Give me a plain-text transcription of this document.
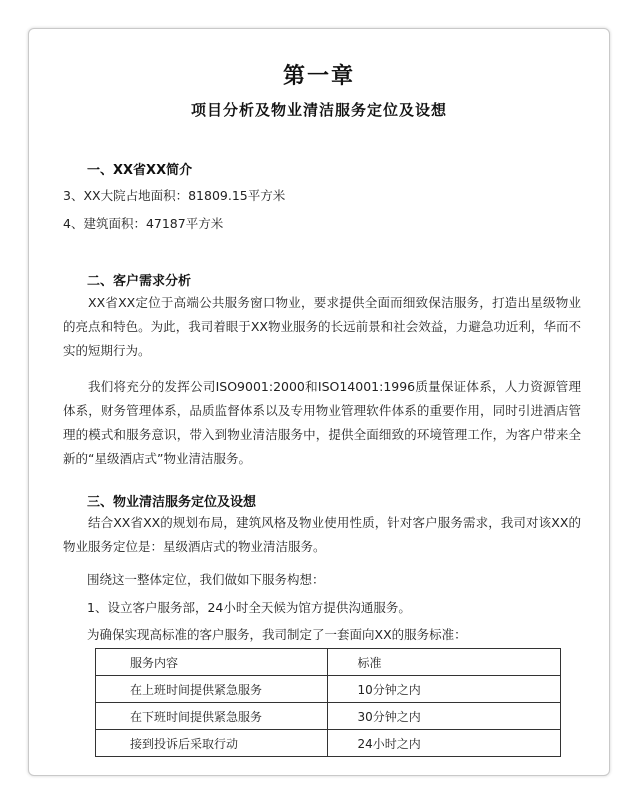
第一章
项目分析及物业清洁服务定位及设想
一、XX省XX简介
3、XX大院占地面积：81809.15平方米
4、建筑面积：47187平方米
二、客户需求分析
XX省XX定位于高端公共服务窗口物业，要求提供全面而细致保洁服务，打造出星级物业的亮点和特色。为此，我司着眼于XX物业服务的长远前景和社会效益，力避急功近利，华而不实的短期行为。
我们将充分的发挥公司ISO9001:2000和ISO14001:1996质量保证体系，人力资源管理体系，财务管理体系，品质监督体系以及专用物业管理软件体系的重要作用，同时引进酒店管理的模式和服务意识，带入到物业清洁服务中，提供全面细致的环境管理工作，为客户带来全新的“星级酒店式”物业清洁服务。
三、物业清洁服务定位及设想
结合XX省XX的规划布局，建筑风格及物业使用性质，针对客户服务需求，我司对该XX的物业服务定位是：星级酒店式的物业清洁服务。
围绕这一整体定位，我们做如下服务构想：
1、设立客户服务部，24小时全天候为馆方提供沟通服务。
为确保实现高标准的客户服务，我司制定了一套面向XX的服务标准：
服务内容	标准
在上班时间提供紧急服务	10分钟之内
在下班时间提供紧急服务	30分钟之内
接到投诉后采取行动	24小时之内
